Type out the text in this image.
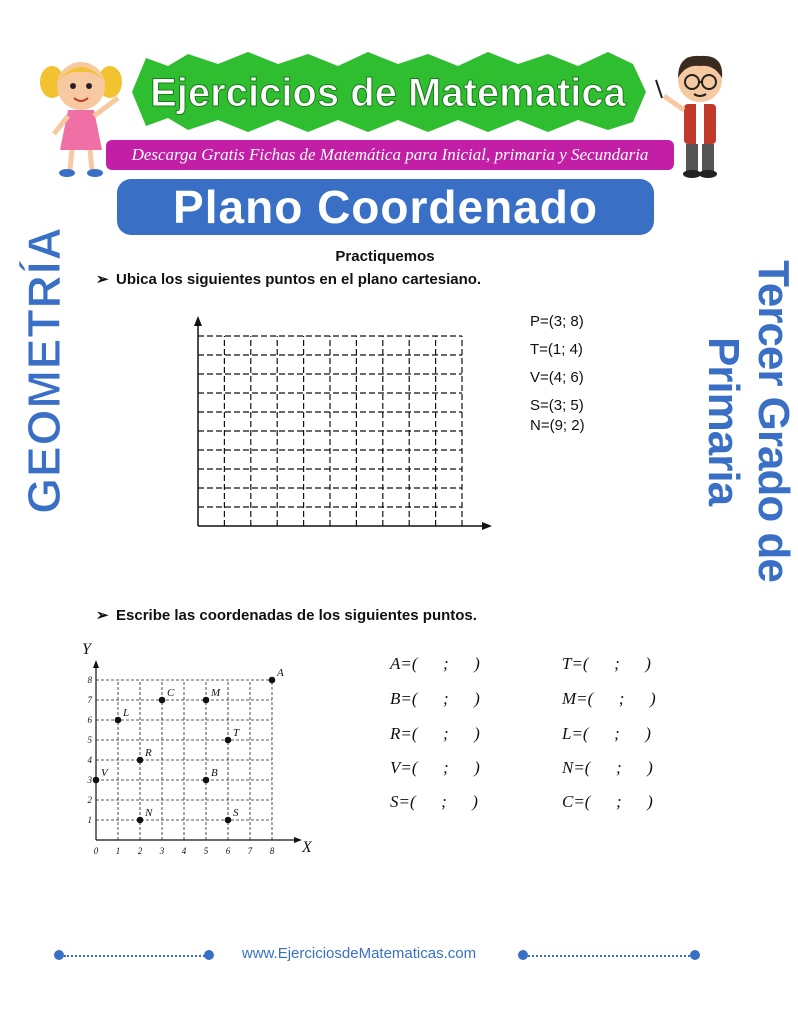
Ejercicios de Matematica
Descarga Gratis Fichas de Matemática para Inicial, primaria y Secundaria
Plano Coordenado
GEOMETRÍA	Tercer Grado de Primaria
Practiquemos
➢ Ubica los siguientes puntos en el plano cartesiano.
P=(3; 8)
T=(1; 4)
V=(4; 6)
S=(3; 5)
N=(9; 2)
➢ Escribe las coordenadas de los siguientes puntos.
X
Y
0 1 2 3 4 5 6 7 8
1
2
3
4
5
6
7
8
A
C	M
L
T
R
V	B
N	S
A=(      ;      )
B=(      ;      )
R=(      ;      )
V=(      ;      )
S=(      ;      )
T=(      ;      )
M=(      ;      )
L=(      ;      )
N=(      ;      )
C=(      ;      )
www.EjerciciosdeMatematicas.com
